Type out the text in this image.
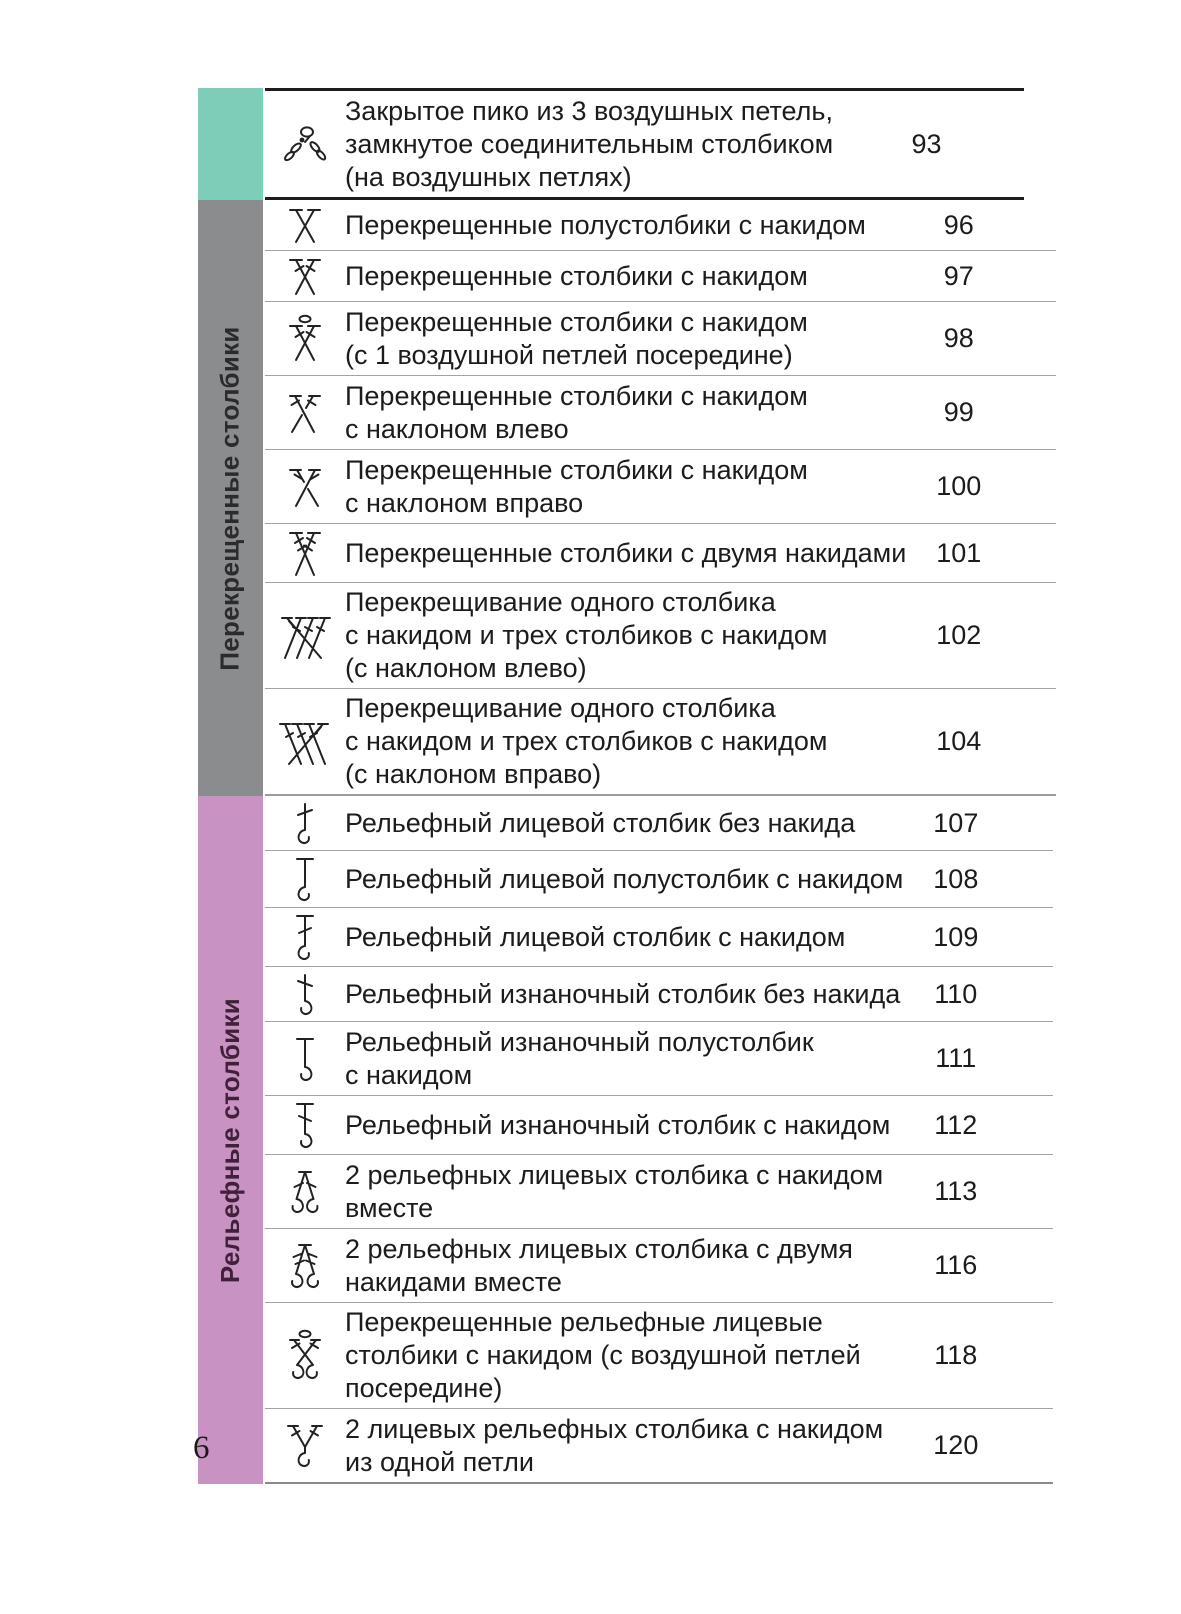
Закрытое пико из 3 воздушных петель,
замкнутое соединительным столбиком
(на воздушных петлях)
93
Перекрещенные столбики
Перекрещенные полустолбики с накидом	96
Перекрещенные столбики с накидом	97
Перекрещенные столбики с накидом
(с 1 воздушной петлей посередине)
98
Перекрещенные столбики с накидом
с наклоном влево
99
Перекрещенные столбики с накидом
с наклоном вправо
100
Перекрещенные столбики с двумя накидами	101
Перекрещивание одного столбика
с накидом и трех столбиков с накидом
(с наклоном влево)
102
Перекрещивание одного столбика
с накидом и трех столбиков с накидом
(с наклоном вправо)
104
Рельефные столбики
Рельефный лицевой столбик без накида	107
Рельефный лицевой полустолбик с накидом	108
Рельефный лицевой столбик с накидом	109
Рельефный изнаночный столбик без накида	110
Рельефный изнаночный полустолбик
с накидом
111
Рельефный изнаночный столбик с накидом	112
2 рельефных лицевых столбика с накидом
вместе
113
2 рельефных лицевых столбика с двумя
накидами вместе
116
Перекрещенные рельефные лицевые
столбики с накидом (с воздушной петлей
посередине)
118
2 лицевых рельефных столбика с накидом
из одной петли
120
6
